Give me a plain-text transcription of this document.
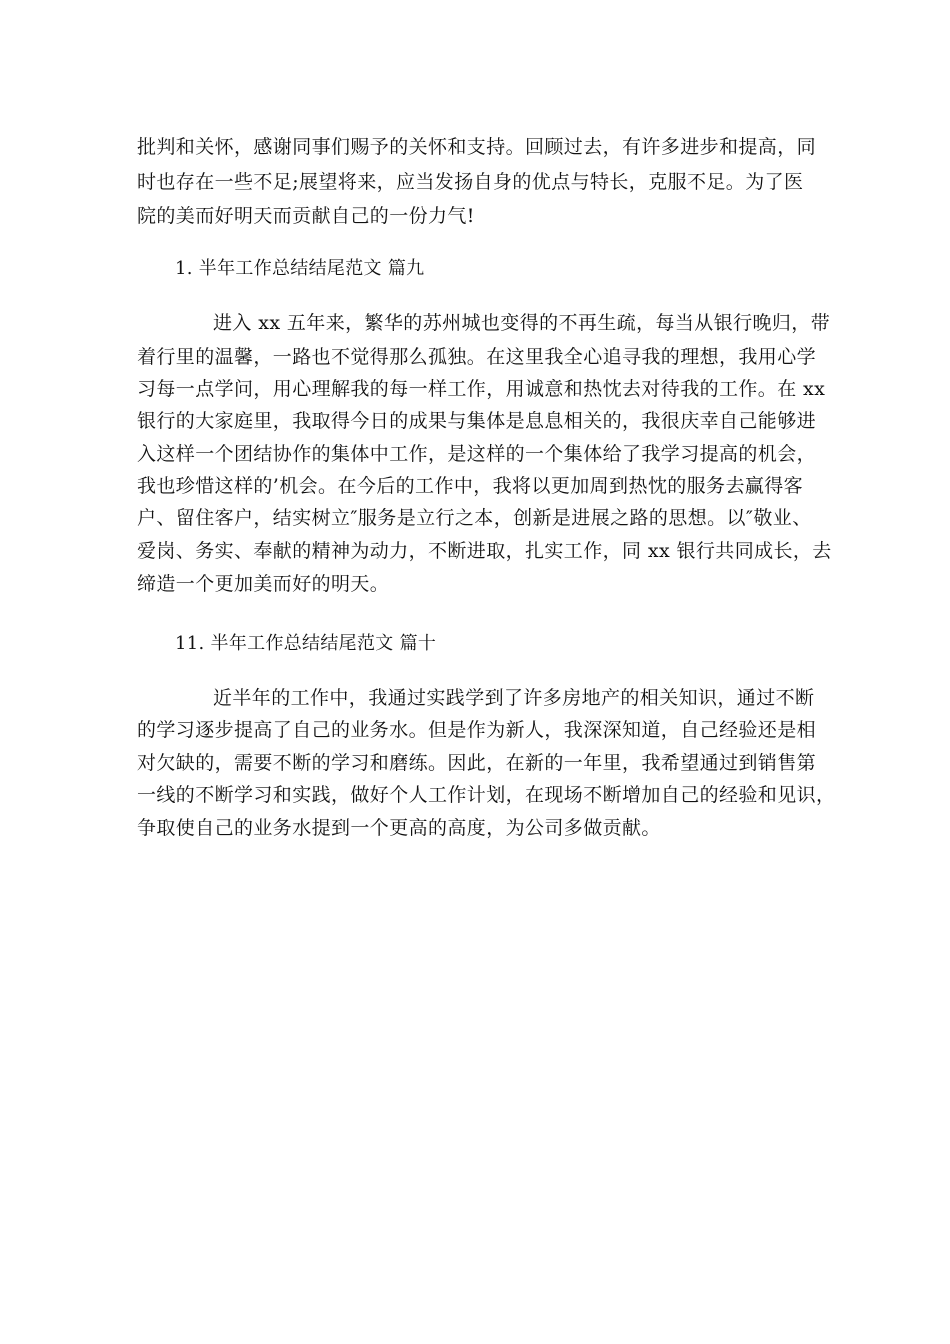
批判和关怀，感谢同事们赐予的关怀和支持。回顾过去，有许多进步和提高，同
时也存在一些不足;展望将来，应当发扬自身的优点与特长，克服不足。为了医
院的美而好明天而贡献自己的一份力气!
1. 半年工作总结结尾范文 篇九
进入 xx 五年来，繁华的苏州城也变得的不再生疏，每当从银行晚归，带
着行里的温馨，一路也不觉得那么孤独。在这里我全心追寻我的理想，我用心学
习每一点学问，用心理解我的每一样工作，用诚意和热忱去对待我的工作。在 xx
银行的大家庭里，我取得今日的成果与集体是息息相关的，我很庆幸自己能够进
入这样一个团结协作的集体中工作，是这样的一个集体给了我学习提高的机会，
我也珍惜这样的’机会。在今后的工作中，我将以更加周到热忱的服务去赢得客
户、留住客户，结实树立″服务是立行之本，创新是进展之路的思想。以″敬业、
爱岗、务实、奉献的精神为动力，不断进取，扎实工作，同 xx 银行共同成长，去
缔造一个更加美而好的明天。
11. 半年工作总结结尾范文 篇十
近半年的工作中，我通过实践学到了许多房地产的相关知识，通过不断
的学习逐步提高了自己的业务水。但是作为新人，我深深知道，自己经验还是相
对欠缺的，需要不断的学习和磨练。因此，在新的一年里，我希望通过到销售第
一线的不断学习和实践，做好个人工作计划，在现场不断增加自己的经验和见识，
争取使自己的业务水提到一个更高的高度，为公司多做贡献。
